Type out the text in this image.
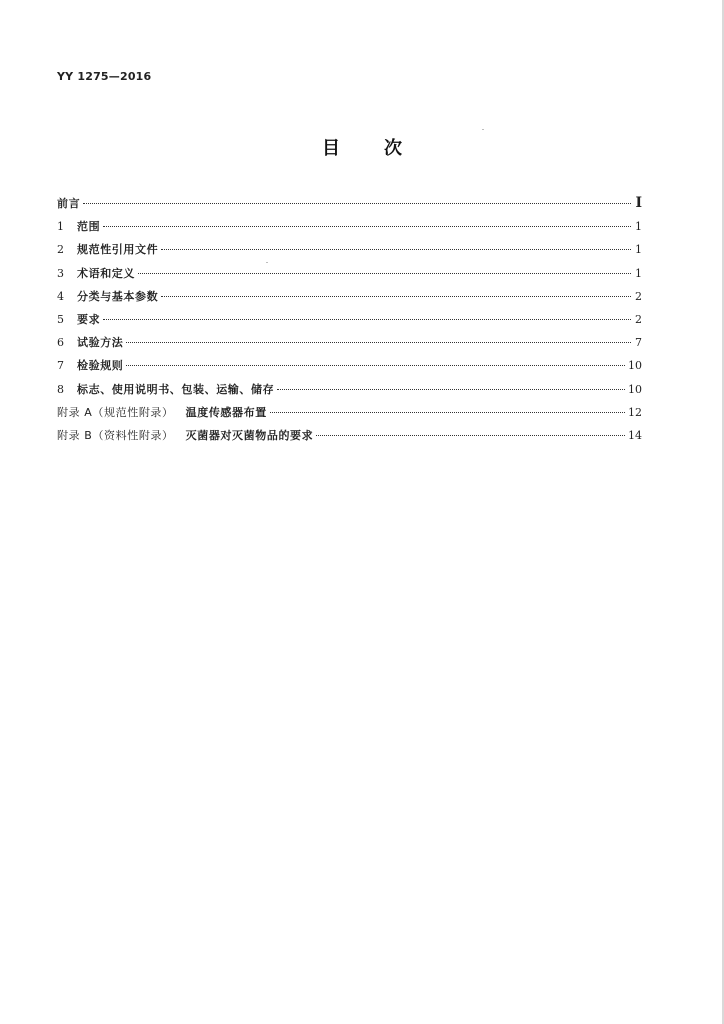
YY 1275—2016
目 次
前言	I
1	范围	1
2	规范性引用文件	1
3	术语和定义	1
4	分类与基本参数	2
5	要求	2
6	试验方法	7
7	检验规则	10
8	标志、使用说明书、包装、运输、储存	10
附录 A（规范性附录） 温度传感器布置	12
附录 B（资料性附录） 灭菌器对灭菌物品的要求	14
